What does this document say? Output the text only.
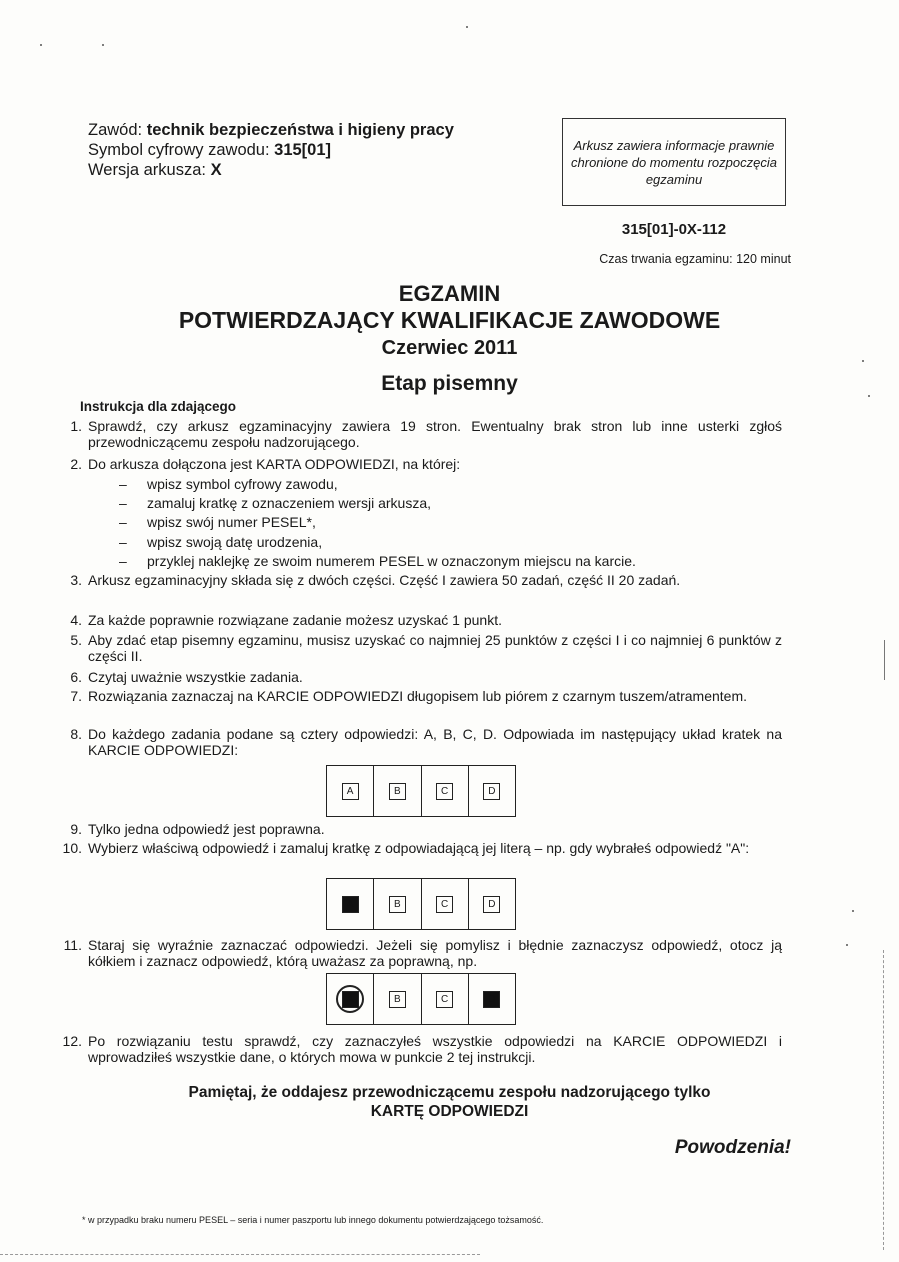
Zawód: technik bezpieczeństwa i higieny pracy
Symbol cyfrowy zawodu: 315[01]
Wersja arkusza: X
Arkusz zawiera informacje prawnie chronione do momentu rozpoczęcia egzaminu
315[01]-0X-112
Czas trwania egzaminu: 120 minut
EGZAMIN
POTWIERDZAJĄCY KWALIFIKACJE ZAWODOWE
Czerwiec 2011
Etap pisemny
Instrukcja dla zdającego
1. Sprawdź, czy arkusz egzaminacyjny zawiera 19 stron. Ewentualny brak stron lub inne usterki zgłoś przewodniczącemu zespołu nadzorującego.
2. Do arkusza dołączona jest KARTA ODPOWIEDZI, na której:
– wpisz symbol cyfrowy zawodu,
– zamaluj kratkę z oznaczeniem wersji arkusza,
– wpisz swój numer PESEL*,
– wpisz swoją datę urodzenia,
– przyklej naklejkę ze swoim numerem PESEL w oznaczonym miejscu na karcie.
3. Arkusz egzaminacyjny składa się z dwóch części. Część I zawiera 50 zadań, część II 20 zadań.
4. Za każde poprawnie rozwiązane zadanie możesz uzyskać 1 punkt.
5. Aby zdać etap pisemny egzaminu, musisz uzyskać co najmniej 25 punktów z części I i co najmniej 6 punktów z części II.
6. Czytaj uważnie wszystkie zadania.
7. Rozwiązania zaznaczaj na KARCIE ODPOWIEDZI długopisem lub piórem z czarnym tuszem/atramentem.
8. Do każdego zadania podane są cztery odpowiedzi: A, B, C, D. Odpowiada im następujący układ kratek na KARCIE ODPOWIEDZI:
A	B	C	D
9. Tylko jedna odpowiedź jest poprawna.
10. Wybierz właściwą odpowiedź i zamaluj kratkę z odpowiadającą jej literą – np. gdy wybrałeś odpowiedź "A":
A	B	C	D
11. Staraj się wyraźnie zaznaczać odpowiedzi. Jeżeli się pomylisz i błędnie zaznaczysz odpowiedź, otocz ją kółkiem i zaznacz odpowiedź, którą uważasz za poprawną, np.
A	B	C	D
12. Po rozwiązaniu testu sprawdź, czy zaznaczyłeś wszystkie odpowiedzi na KARCIE ODPOWIEDZI i wprowadziłeś wszystkie dane, o których mowa w punkcie 2 tej instrukcji.
Pamiętaj, że oddajesz przewodniczącemu zespołu nadzorującego tylko
KARTĘ ODPOWIEDZI
Powodzenia!
* w przypadku braku numeru PESEL – seria i numer paszportu lub innego dokumentu potwierdzającego tożsamość.
